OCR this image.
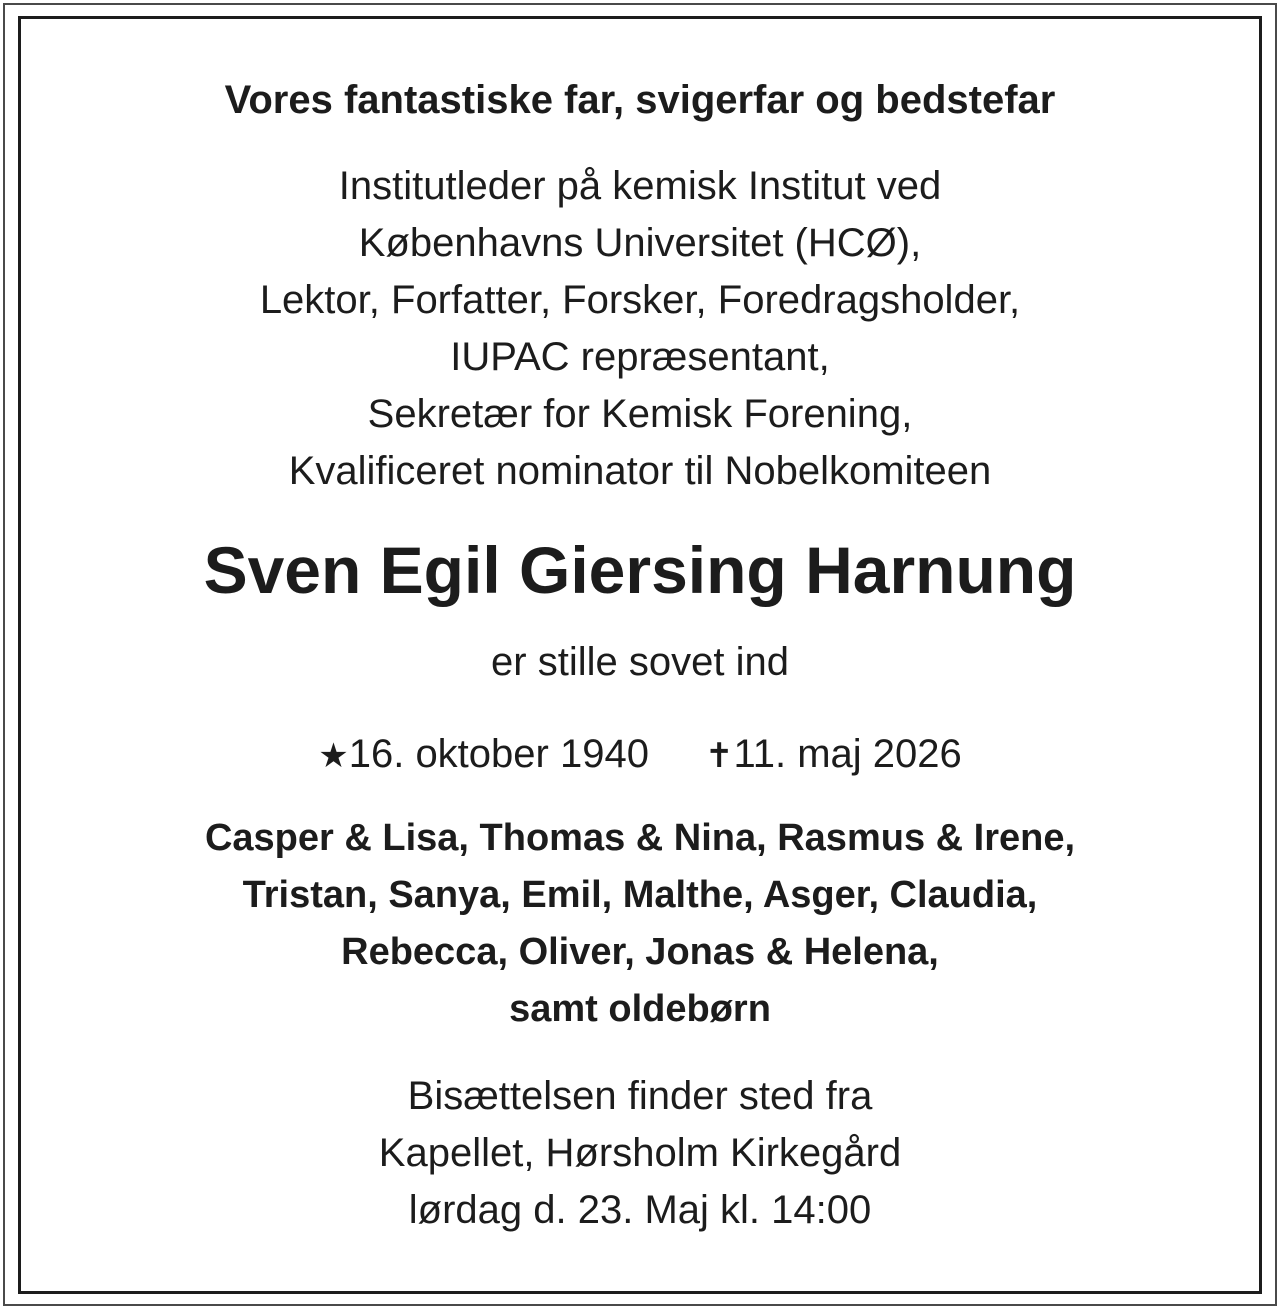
Vores fantastiske far, svigerfar og bedstefar
Institutleder på kemisk Institut ved
Københavns Universitet (HCØ),
Lektor, Forfatter, Forsker, Foredragsholder,
IUPAC repræsentant,
Sekretær for Kemisk Forening,
Kvalificeret nominator til Nobelkomiteen
Sven Egil Giersing Harnung
er stille sovet ind
★16. oktober 1940 ✝11. maj 2026
Casper & Lisa, Thomas & Nina, Rasmus & Irene,
Tristan, Sanya, Emil, Malthe, Asger, Claudia,
Rebecca, Oliver, Jonas & Helena,
samt oldebørn
Bisættelsen finder sted fra
Kapellet, Hørsholm Kirkegård
lørdag d. 23. Maj kl. 14:00
